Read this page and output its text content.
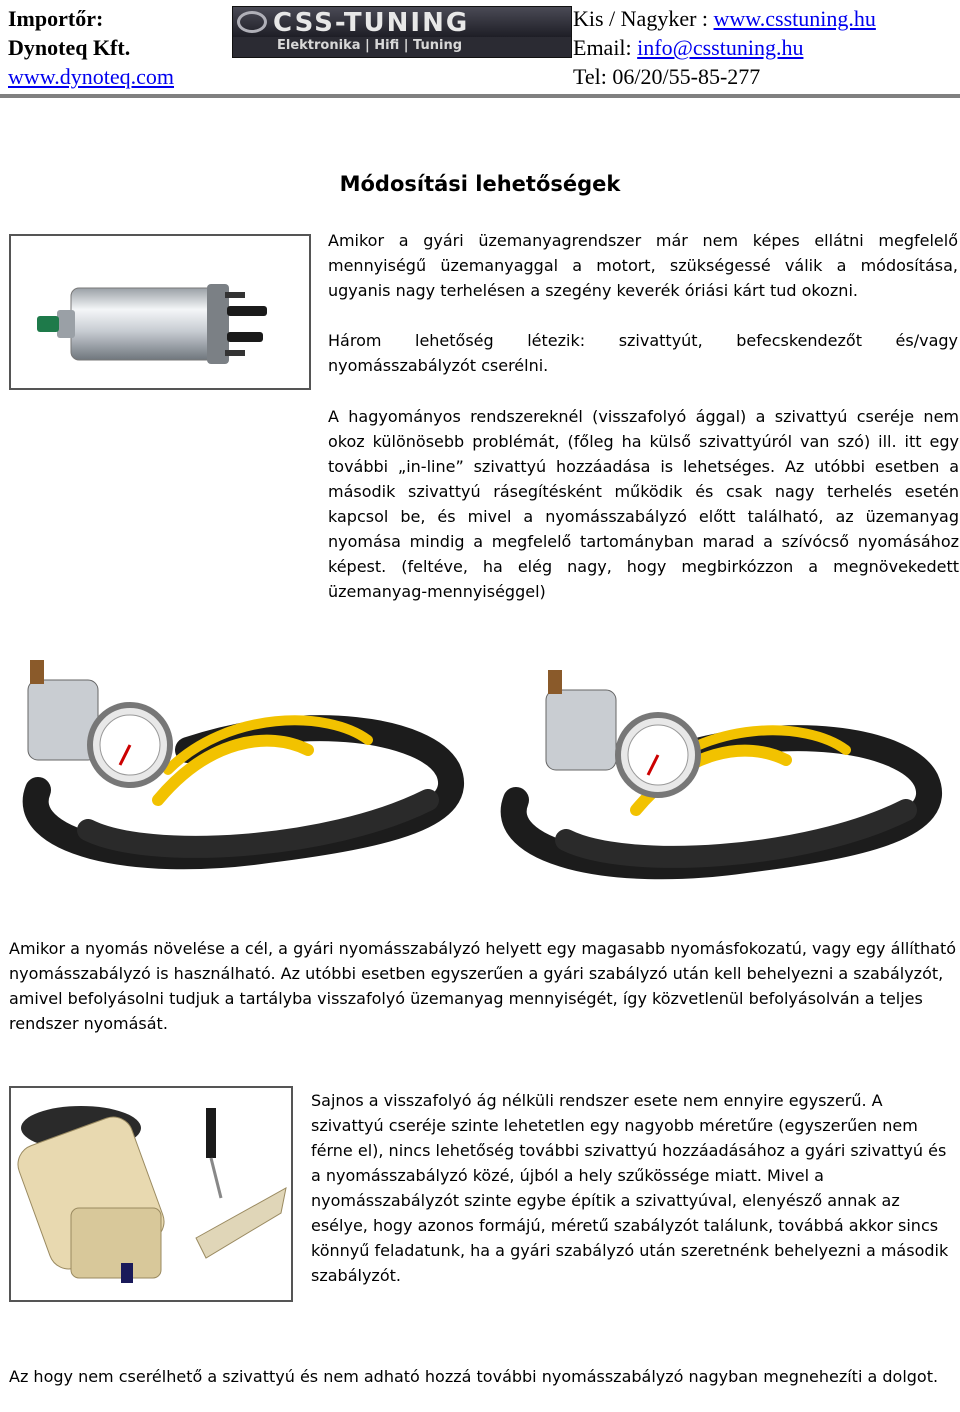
Importőr:
Dynoteq Kft.
www.dynoteq.com
CSS-TUNING
Elektronika | Hifi | Tuning
Kis / Nagyker : www.csstuning.hu
Email: info@csstuning.hu
Tel: 06/20/55-85-277
Módosítási lehetőségek

Amikor a gyári üzemanyagrendszer már nem képes ellátni megfelelő mennyiségű üzemanyaggal a motort, szükségessé válik a módosítása, ugyanis nagy terhelésen a szegény keverék óriási kárt tud okozni.

Három lehetőség létezik: szivattyút, befecskendezőt és/vagy nyomásszabályzót cserélni.

A hagyományos rendszereknél (visszafolyó ággal) a szivattyú cseréje nem okoz különösebb problémát, (főleg ha külső szivattyúról van szó) ill. itt egy további „in-line” szivattyú hozzáadása is lehetséges. Az utóbbi esetben a második szivattyú rásegítésként működik és csak nagy terhelés esetén kapcsol be, és mivel a nyomásszabályzó előtt található, az üzemanyag nyomása mindig a megfelelő tartományban marad a szívócső nyomásához képest. (feltéve, ha elég nagy, hogy megbirkózzon a megnövekedett üzemanyag-mennyiséggel)

Amikor a nyomás növelése a cél, a gyári nyomásszabályzó helyett egy magasabb nyomásfokozatú, vagy egy állítható nyomásszabályzó is használható. Az utóbbi esetben egyszerűen a gyári szabályzó után kell behelyezni a szabályzót, amivel befolyásolni tudjuk a tartályba visszafolyó üzemanyag mennyiségét, így közvetlenül befolyásolván a teljes rendszer nyomását.

Sajnos a visszafolyó ág nélküli rendszer esete nem ennyire egyszerű. A szivattyú cseréje szinte lehetetlen egy nagyobb méretűre (egyszerűen nem férne el), nincs lehetőség további szivattyú hozzáadásához a gyári szivattyú és a nyomásszabályzó közé, újból a hely szűkössége miatt. Mivel a nyomásszabályzót szinte egybe építik a szivattyúval, elenyésző annak az esélye, hogy azonos formájú, méretű szabályzót találunk, továbbá akkor sincs könnyű feladatunk, ha a gyári szabályzó után szeretnénk behelyezni a második szabályzót.

Az hogy nem cserélhető a szivattyú és nem adható hozzá további nyomásszabályzó nagyban megnehezíti a dolgot.
